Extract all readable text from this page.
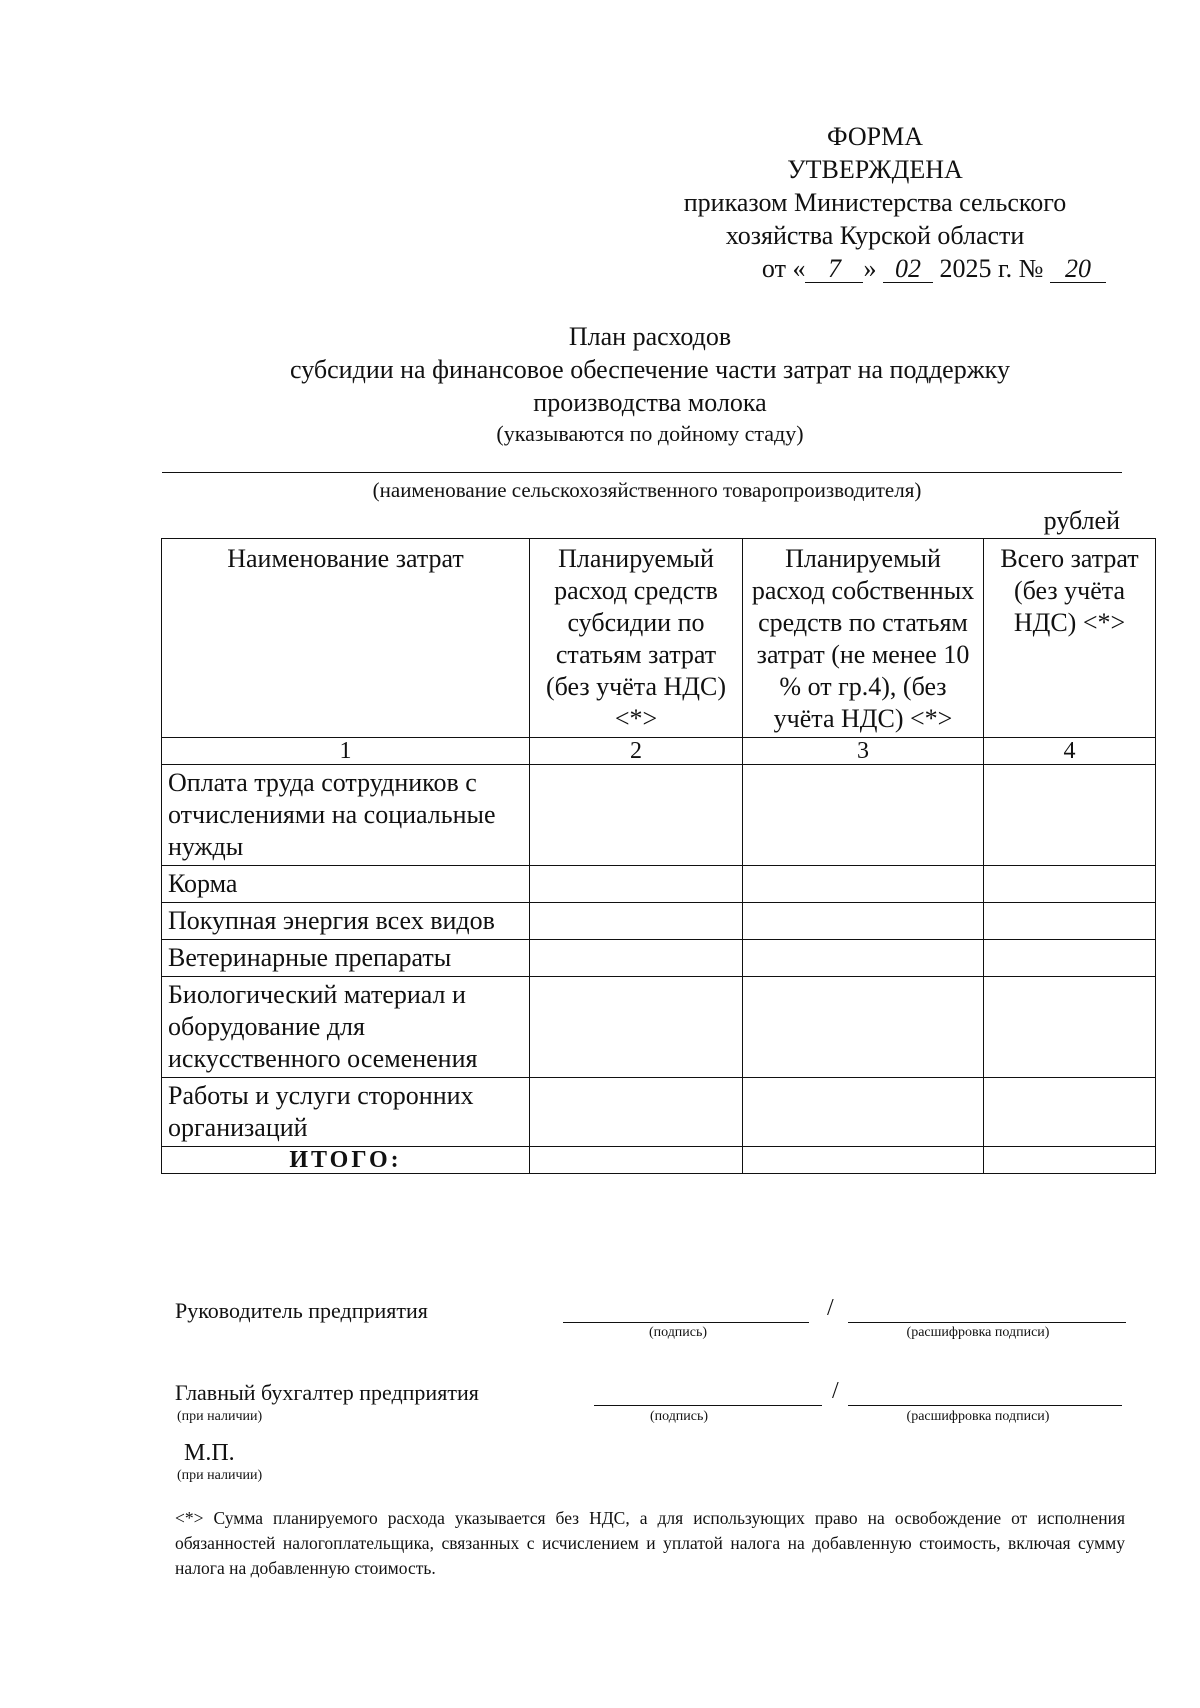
ФОРМА
УТВЕРЖДЕНА
приказом Министерства сельского
хозяйства Курской области
от « 7 » 02 2025 г. № 20
План расходов
субсидии на финансовое обеспечение части затрат на поддержку
производства молока
(указываются по дойному стаду)
(наименование сельскохозяйственного товаропроизводителя)
рублей
Наименование затрат	Планируемый расход средств субсидии по статьям затрат (без учёта НДС) <*>	Планируемый расход собственных средств по статьям затрат (не менее 10 % от гр.4), (без учёта НДС) <*>	Всего затрат (без учёта НДС) <*>
1	2	3	4
Оплата труда сотрудников с отчислениями на социальные нужды			
Корма			
Покупная энергия всех видов			
Ветеринарные препараты			
Биологический материал и оборудование для искусственного осеменения			
Работы и услуги сторонних организаций			
ИТОГО:			
Руководитель предприятия	/
(подпись)	(расшифровка подписи)
Главный бухгалтер предприятия
(при наличии)
/
(подпись)	(расшифровка подписи)
М.П.
(при наличии)
<*> Сумма планируемого расхода указывается без НДС, а для использующих право на освобождение от исполнения обязанностей налогоплательщика, связанных с исчислением и уплатой налога на добавленную стоимость, включая сумму налога на добавленную стоимость.
